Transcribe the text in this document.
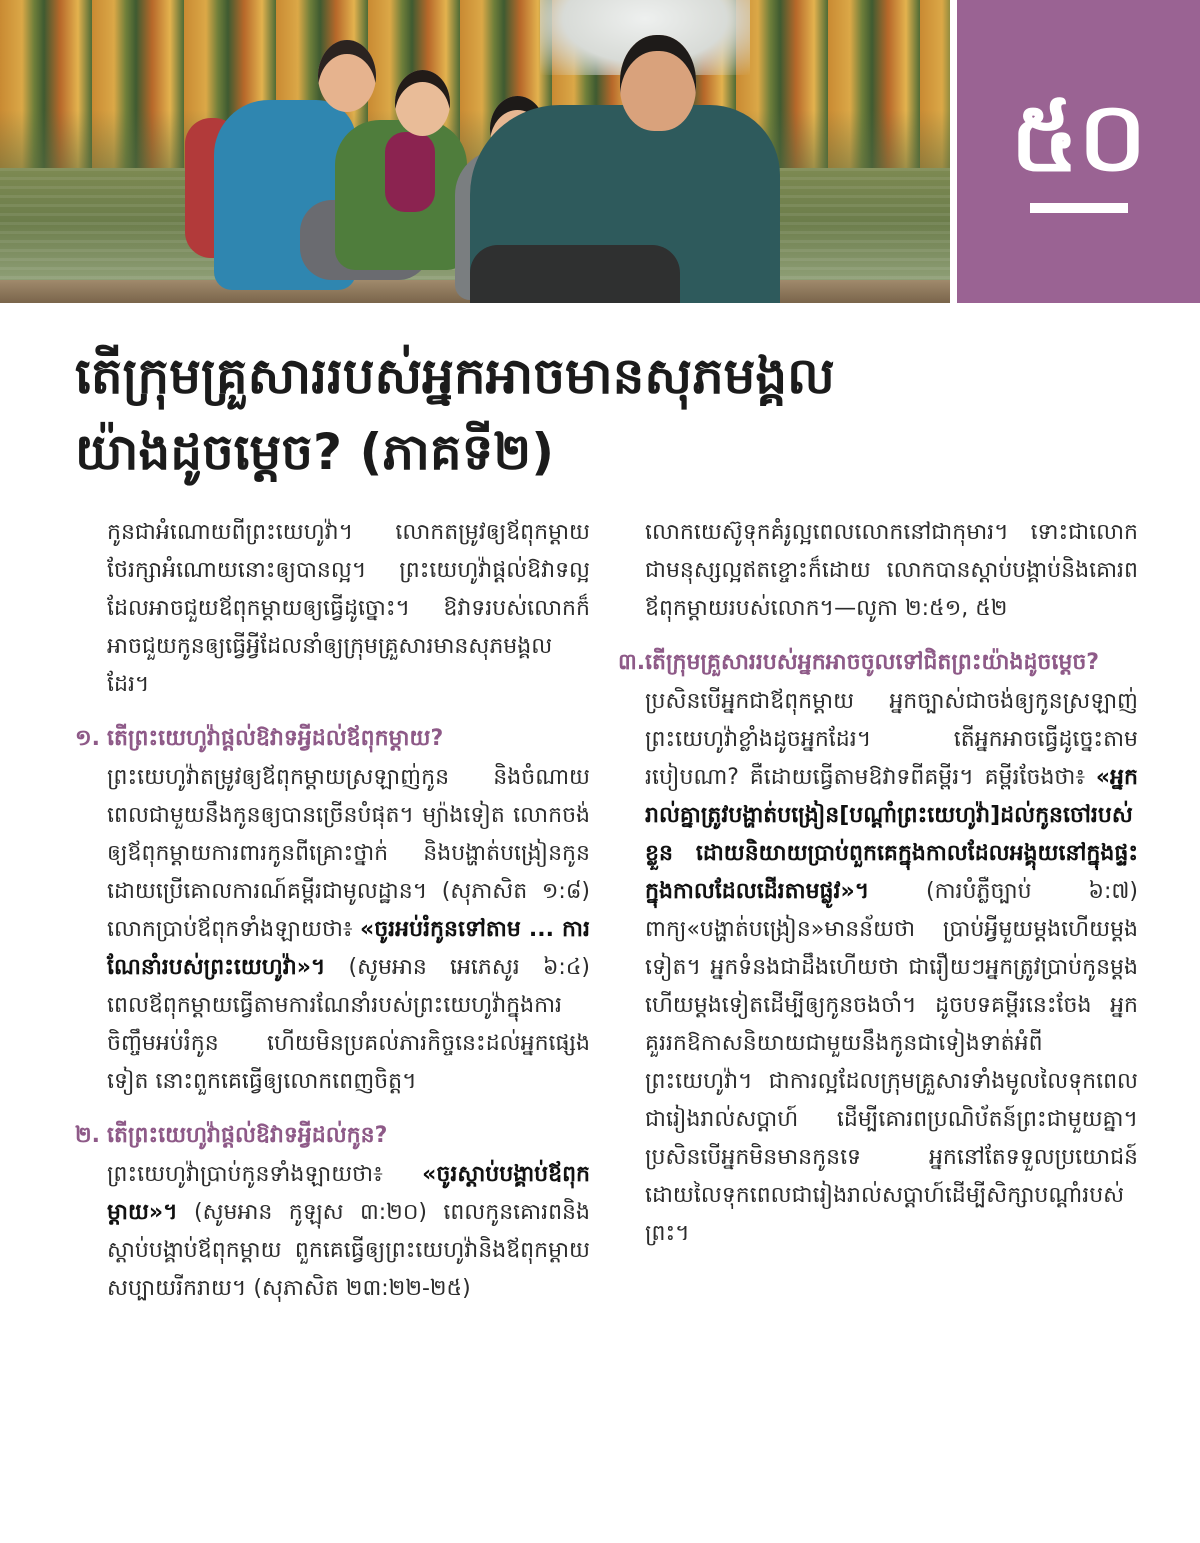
៥០
តើក្រុមគ្រួសាររបស់អ្នកអាចមានសុភមង្គល
យ៉ាងដូចម្ដេច? (ភាគទី២)

កូនជាអំណោយពីព្រះយេហូវ៉ា។ លោកតម្រូវឲ្យឪពុកម្ដាយថែរក្សាអំណោយនោះឲ្យបានល្អ។ ព្រះយេហូវ៉ាផ្ដល់ឱវាទល្អដែលអាចជួយឪពុកម្ដាយឲ្យធ្វើដូច្នោះ។ ឱវាទរបស់លោកក៏អាចជួយកូនឲ្យធ្វើអ្វីដែលនាំឲ្យក្រុមគ្រួសារមានសុភមង្គលដែរ។

១. តើព្រះយេហូវ៉ាផ្ដល់ឱវាទអ្វីដល់ឪពុកម្ដាយ?

ព្រះយេហូវ៉ាតម្រូវឲ្យឪពុកម្ដាយស្រឡាញ់កូន និងចំណាយពេលជាមួយនឹងកូនឲ្យបានច្រើនបំផុត។ ម្យ៉ាងទៀត លោកចង់ឲ្យឪពុកម្ដាយការពារកូនពីគ្រោះថ្នាក់ និងបង្ហាត់បង្រៀនកូនដោយប្រើគោលការណ៍គម្ពីរជាមូលដ្ឋាន។ (សុភាសិត ១:៨) លោកប្រាប់ឪពុកទាំងឡាយថា៖ «ចូរអប់រំកូនទៅតាម ... ការណែនាំរបស់ព្រះយេហូវ៉ា»។ (សូមអាន អេភេសូរ ៦:៤) ពេលឪពុកម្ដាយធ្វើតាមការណែនាំរបស់ព្រះយេហូវ៉ាក្នុងការចិញ្ចឹមអប់រំកូន ហើយមិនប្រគល់ភារកិច្ចនេះដល់អ្នកផ្សេងទៀត នោះពួកគេធ្វើឲ្យលោកពេញចិត្ត។

២. តើព្រះយេហូវ៉ាផ្ដល់ឱវាទអ្វីដល់កូន?

ព្រះយេហូវ៉ាប្រាប់កូនទាំងឡាយថា៖ «ចូរស្ដាប់បង្គាប់ឪពុកម្ដាយ»។ (សូមអាន កូឡុស ៣:២០) ពេលកូនគោរពនិងស្ដាប់បង្គាប់ឪពុកម្ដាយ ពួកគេធ្វើឲ្យព្រះយេហូវ៉ានិងឪពុកម្ដាយសប្បាយរីករាយ។ (សុភាសិត ២៣:២២-២៥)

លោកយេស៊ូទុកគំរូល្អពេលលោកនៅជាកុមារ។ ទោះជាលោកជាមនុស្សល្អឥតខ្ចោះក៏ដោយ លោកបានស្ដាប់បង្គាប់និងគោរពឪពុកម្ដាយរបស់លោក។—លូកា ២:៥១, ៥២

៣. តើក្រុមគ្រួសាររបស់អ្នកអាចចូលទៅជិតព្រះយ៉ាងដូចម្ដេច?

ប្រសិនបើអ្នកជាឪពុកម្ដាយ អ្នកច្បាស់ជាចង់ឲ្យកូនស្រឡាញ់ព្រះយេហូវ៉ាខ្លាំងដូចអ្នកដែរ។ តើអ្នកអាចធ្វើដូច្នេះតាមរបៀបណា? គឺដោយធ្វើតាមឱវាទពីគម្ពីរ។ គម្ពីរចែងថា៖ «អ្នករាល់គ្នាត្រូវបង្ហាត់បង្រៀន[បណ្ដាំព្រះយេហូវ៉ា]ដល់កូនចៅរបស់ខ្លួន ដោយនិយាយប្រាប់ពួកគេក្នុងកាលដែលអង្គុយនៅក្នុងផ្ទះ ក្នុងកាលដែលដើរតាមផ្លូវ»។ (ការបំភ្លឺច្បាប់ ៦:៧) ពាក្យ«បង្ហាត់បង្រៀន»មានន័យថា ប្រាប់អ្វីមួយម្ដងហើយម្ដងទៀត។ អ្នកទំនងជាដឹងហើយថា ជារឿយៗអ្នកត្រូវប្រាប់កូនម្ដងហើយម្ដងទៀតដើម្បីឲ្យកូនចងចាំ។ ដូចបទគម្ពីរនេះចែង អ្នកគួររកឱកាសនិយាយជាមួយនឹងកូនជាទៀងទាត់អំពីព្រះយេហូវ៉ា។ ជាការល្អដែលក្រុមគ្រួសារទាំងមូលលៃទុកពេលជារៀងរាល់សប្ដាហ៍ ដើម្បីគោរពប្រណិប័តន៍ព្រះជាមួយគ្នា។ ប្រសិនបើអ្នកមិនមានកូនទេ អ្នកនៅតែទទួលប្រយោជន៍ដោយលៃទុកពេលជារៀងរាល់សប្ដាហ៍ដើម្បីសិក្សាបណ្ដាំរបស់ព្រះ។
